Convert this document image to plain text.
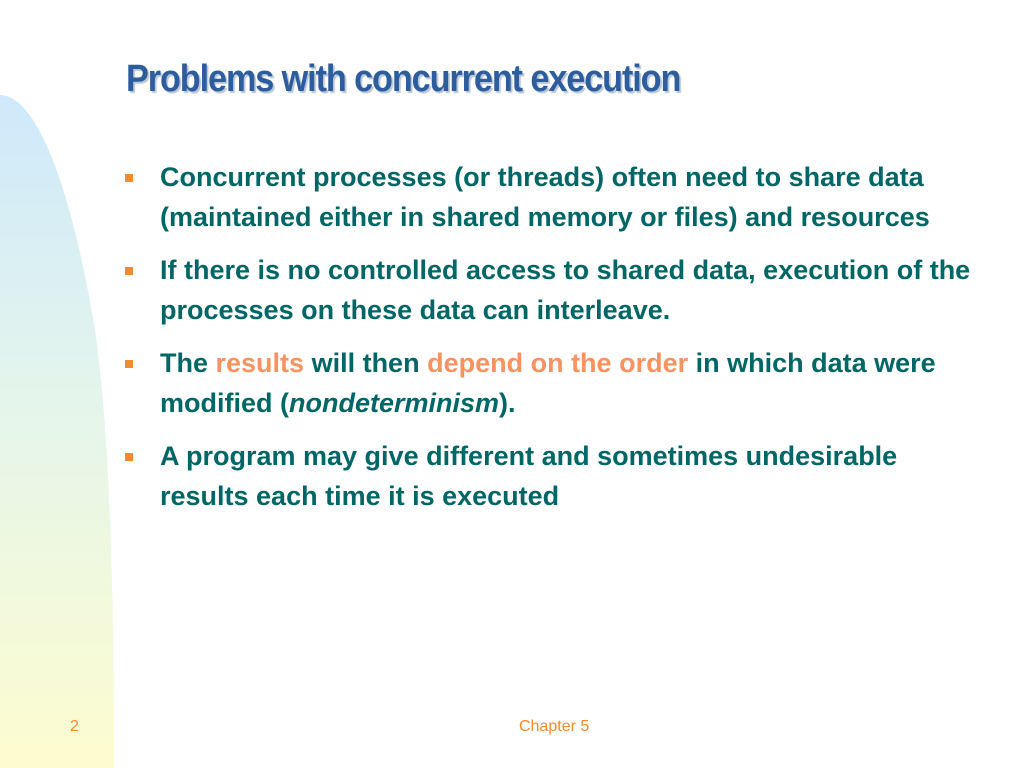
Problems with concurrent execution
Concurrent processes (or threads) often need to share data (maintained either in shared memory or files) and resources
If there is no controlled access to shared data, execution of the processes on these data can interleave.
The results will then depend on the order in which data were modified (nondeterminism).
A program may give different and sometimes undesirable results each time it is executed
2	Chapter 5
